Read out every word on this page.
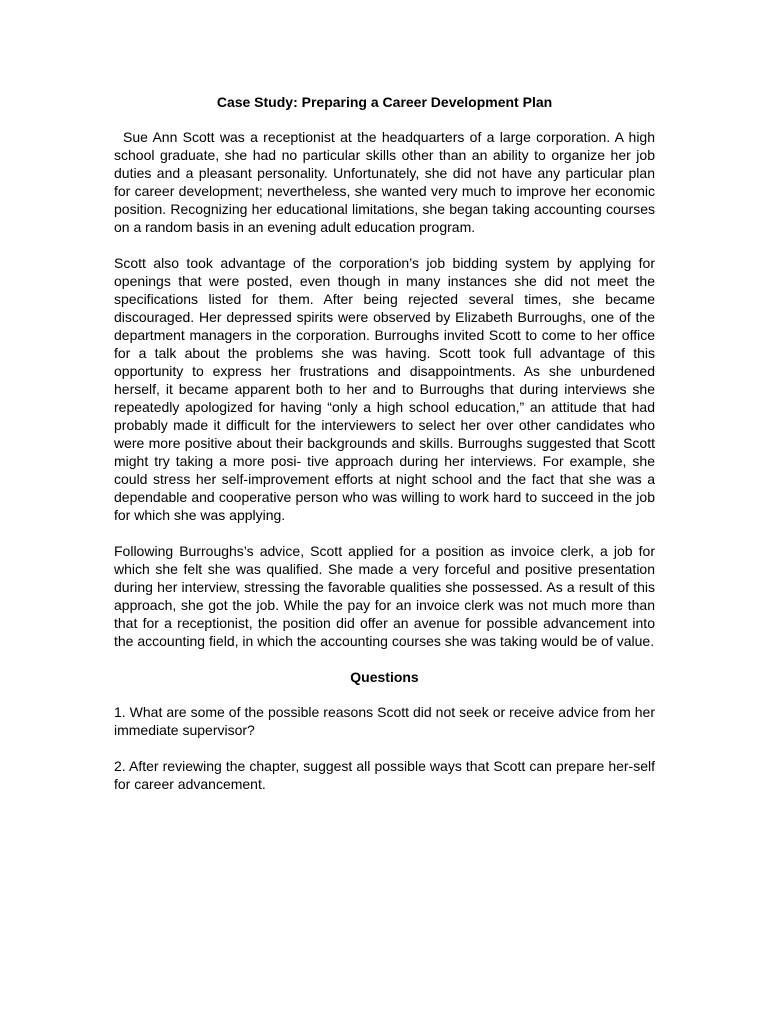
Case Study: Preparing a Career Development Plan

Sue Ann Scott was a receptionist at the headquarters of a large corporation. A high school graduate, she had no particular skills other than an ability to organize her job duties and a pleasant personality. Unfortunately, she did not have any particular plan for career development; nevertheless, she wanted very much to improve her economic position. Recognizing her educational limitations, she began taking accounting courses on a random basis in an evening adult education program.

Scott also took advantage of the corporation’s job bidding system by applying for openings that were posted, even though in many instances she did not meet the specifications listed for them. After being rejected several times, she became discouraged. Her depressed spirits were observed by Elizabeth Burroughs, one of the department managers in the corporation. Burroughs invited Scott to come to her office for a talk about the problems she was having. Scott took full advantage of this opportunity to express her frustrations and disappointments. As she unburdened herself, it became apparent both to her and to Burroughs that during interviews she repeatedly apologized for having “only a high school education,” an attitude that had probably made it difficult for the interviewers to select her over other candidates who were more positive about their backgrounds and skills. Burroughs suggested that Scott might try taking a more posi- tive approach during her interviews. For example, she could stress her self-improvement efforts at night school and the fact that she was a dependable and cooperative person who was willing to work hard to succeed in the job for which she was applying.

Following Burroughs’s advice, Scott applied for a position as invoice clerk, a job for which she felt she was qualified. She made a very forceful and positive presentation during her interview, stressing the favorable qualities she possessed. As a result of this approach, she got the job. While the pay for an invoice clerk was not much more than that for a receptionist, the position did offer an avenue for possible advancement into the accounting field, in which the accounting courses she was taking would be of value.

Questions

1. What are some of the possible reasons Scott did not seek or receive advice from her immediate supervisor?

2. After reviewing the chapter, suggest all possible ways that Scott can prepare her-self for career advancement.
